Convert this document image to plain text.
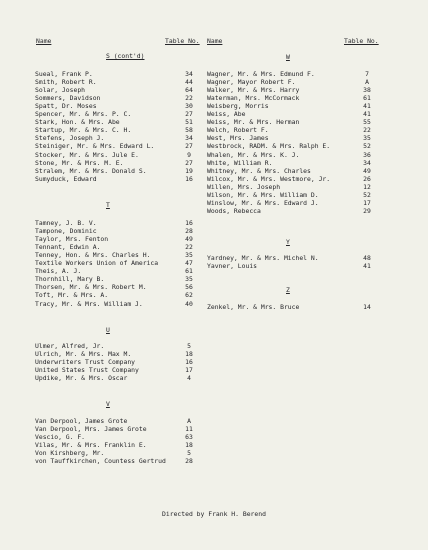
Name	Table No. Name	Table No.
S (cont'd)	W
T
Y
Z
U
V
Sueal, Frank P.	34
Smith, Robert R.	44
Solar, Joseph	64
Sommers, Davidson	22
Spatt, Dr. Moses	30
Spencer, Mr. & Mrs. P. C.	27
Stark, Hon. & Mrs. Abe	51
Startup, Mr. & Mrs. C. H.	58
Stefens, Joseph J.	34
Steiniger, Mr. & Mrs. Edward L.	27
Stocker, Mr. & Mrs. Jule E.	9
Stone, Mr. & Mrs. M. E.	27
Stralem, Mr. & Mrs. Donald S.	19
Sumyduck, Edward	16
Tamney, J. B. V.	16
Tampone, Dominic	28
Taylor, Mrs. Fenton	49
Tennant, Edwin A.	22
Tenney, Hon. & Mrs. Charles H.	35
Textile Workers Union of America	47
Theis, A. J.	61
Thornhill, Mary B.	35
Thorsen, Mr. & Mrs. Robert M.	56
Toft, Mr. & Mrs. A.	62
Tracy, Mr. & Mrs. William J.	40
Ulmer, Alfred, Jr.	5
Ulrich, Mr. & Mrs. Max M.	18
Underwriters Trust Company	16
United States Trust Company	17
Updike, Mr. & Mrs. Oscar	4
Van Derpool, James Grote	A
Van Derpool, Mrs. James Grote	11
Vescio, G. F.	63
Vilas, Mr. & Mrs. Franklin E.	18
Von Kirshberg, Mr.	5
von Tauffkirchen, Countess Gertrud	28
Wagner, Mr. & Mrs. Edmund F.	7
Wagner, Mayor Robert F.	A
Walker, Mr. & Mrs. Harry	38
Waterman, Mrs. McCormack	61
Weisberg, Morris	41
Weiss, Abe	41
Weiss, Mr. & Mrs. Herman	55
Welch, Robert F.	22
West, Mrs. James	35
Westbrock, RADM. & Mrs. Ralph E.	52
Whalen, Mr. & Mrs. K. J.	36
White, William R.	34
Whitney, Mr. & Mrs. Charles	49
Wilcox, Mr. & Mrs. Westmore, Jr.	26
Willen, Mrs. Joseph	12
Wilson, Mr. & Mrs. William D.	52
Winslow, Mr. & Mrs. Edward J.	17
Woods, Rebecca	29
Yardney, Mr. & Mrs. Michel N.	48
Yavner, Louis	41
Zenkel, Mr. & Mrs. Bruce	14
Directed by Frank H. Berend
